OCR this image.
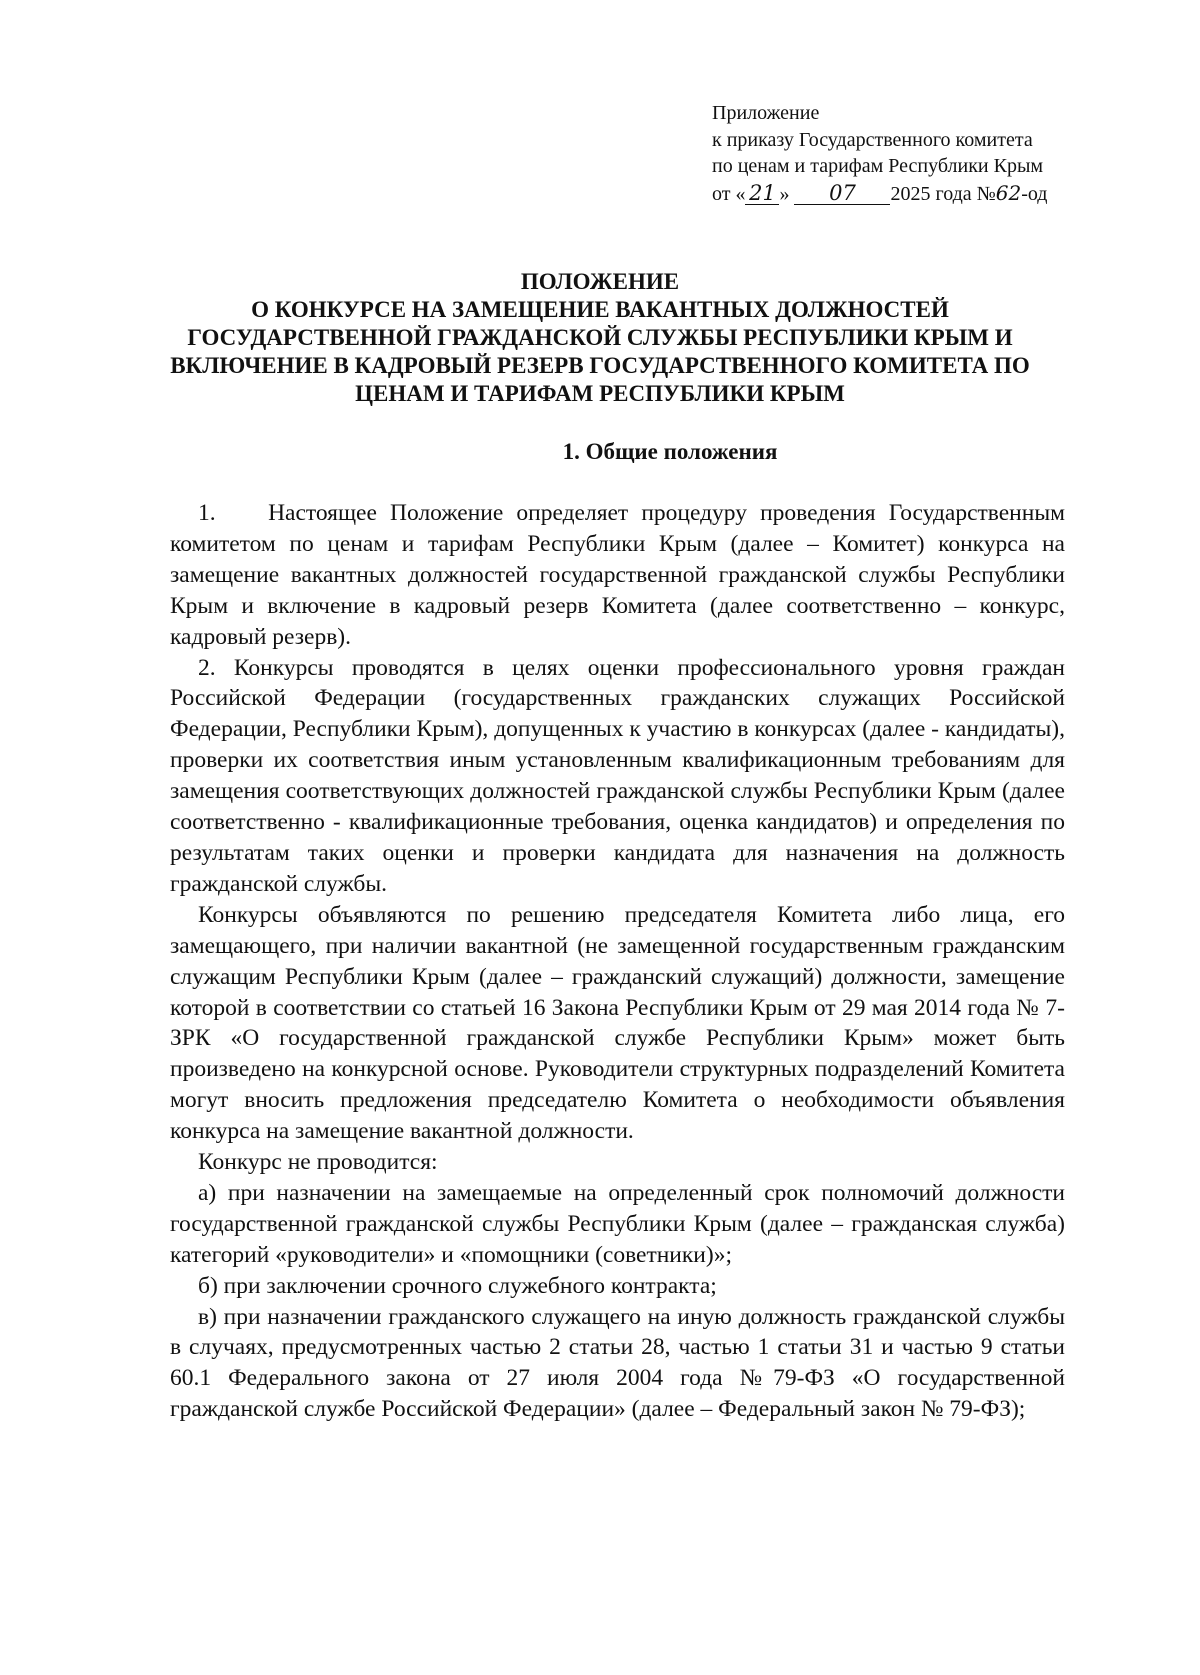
Приложение
к приказу Государственного комитета
по ценам и тарифам Республики Крым
от « 21 » 07 2025 года №62-од
ПОЛОЖЕНИЕ
О КОНКУРСЕ НА ЗАМЕЩЕНИЕ ВАКАНТНЫХ ДОЛЖНОСТЕЙ
ГОСУДАРСТВЕННОЙ ГРАЖДАНСКОЙ СЛУЖБЫ РЕСПУБЛИКИ КРЫМ И
ВКЛЮЧЕНИЕ В КАДРОВЫЙ РЕЗЕРВ ГОСУДАРСТВЕННОГО КОМИТЕТА ПО
ЦЕНАМ И ТАРИФАМ РЕСПУБЛИКИ КРЫМ
1. Общие положения

1.    Настоящее Положение определяет процедуру проведения Государственным комитетом по ценам и тарифам Республики Крым (далее – Комитет) конкурса на замещение вакантных должностей государственной гражданской службы Республики Крым и включение в кадровый резерв Комитета (далее соответственно – конкурс, кадровый резерв).

2. Конкурсы проводятся в целях оценки профессионального уровня граждан Российской Федерации (государственных гражданских служащих Российской Федерации, Республики Крым), допущенных к участию в конкурсах (далее - кандидаты), проверки их соответствия иным установленным квалификационным требованиям для замещения соответствующих должностей гражданской службы Республики Крым (далее соответственно - квалификационные требования, оценка кандидатов) и определения по результатам таких оценки и проверки кандидата для назначения на должность гражданской службы.

Конкурсы объявляются по решению председателя Комитета либо лица, его замещающего, при наличии вакантной (не замещенной государственным гражданским служащим Республики Крым (далее – гражданский служащий) должности, замещение которой в соответствии со статьей 16 Закона Республики Крым от 29 мая 2014 года № 7-ЗРК «О государственной гражданской службе Республики Крым» может быть произведено на конкурсной основе. Руководители структурных подразделений Комитета могут вносить предложения председателю Комитета о необходимости объявления конкурса на замещение вакантной должности.

Конкурс не проводится:

а) при назначении на замещаемые на определенный срок полномочий должности государственной гражданской службы Республики Крым (далее – гражданская служба) категорий «руководители» и «помощники (советники)»;

б) при заключении срочного служебного контракта;

в) при назначении гражданского служащего на иную должность гражданской службы в случаях, предусмотренных частью 2 статьи 28, частью 1 статьи 31 и частью 9 статьи 60.1 Федерального закона от 27 июля 2004 года №79-ФЗ «О государственной гражданской службе Российской Федерации» (далее – Федеральный закон № 79-ФЗ);
